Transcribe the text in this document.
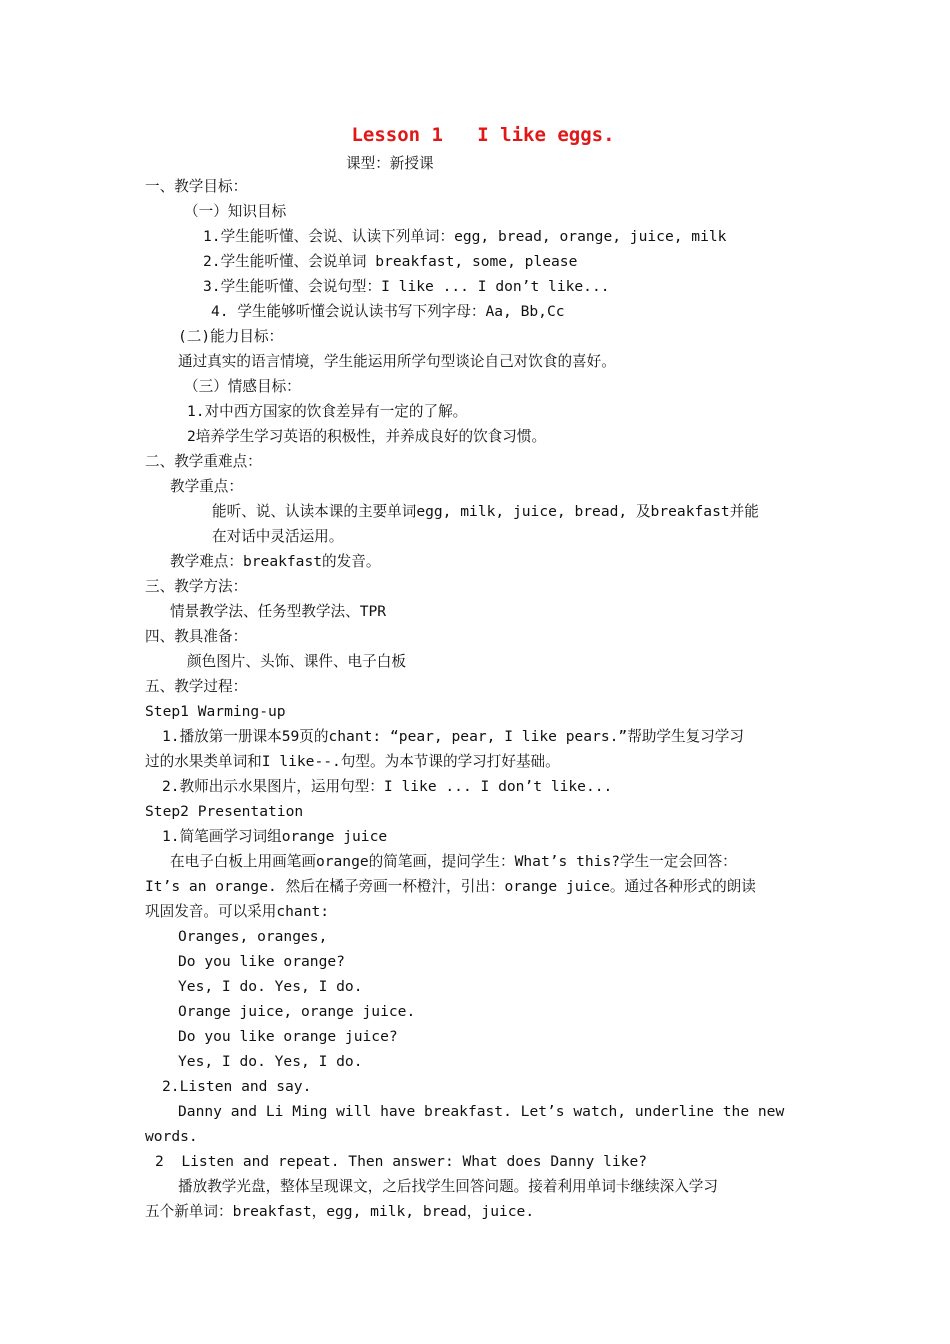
Lesson 1   I like eggs.
课型：新授课
一、教学目标：
（一）知识目标
1.学生能听懂、会说、认读下列单词：egg, bread, orange, juice, milk
2.学生能听懂、会说单词 breakfast, some, please
3.学生能听懂、会说句型：I like ... I don’t like...
4. 学生能够听懂会说认读书写下列字母：Aa, Bb,Cc
(二)能力目标：
通过真实的语言情境，学生能运用所学句型谈论自己对饮食的喜好。
（三）情感目标：
1.对中西方国家的饮食差异有一定的了解。
2培养学生学习英语的积极性，并养成良好的饮食习惯。
二、教学重难点：
教学重点：
能听、说、认读本课的主要单词egg, milk, juice, bread, 及breakfast并能
在对话中灵活运用。
教学难点：breakfast的发音。
三、教学方法：
情景教学法、任务型教学法、TPR
四、教具准备：
颜色图片、头饰、课件、电子白板
五、教学过程：
Step1 Warming-up
1.播放第一册课本59页的chant: “pear, pear, I like pears.”帮助学生复习学习
过的水果类单词和I like--.句型。为本节课的学习打好基础。
2.教师出示水果图片，运用句型：I like ... I don’t like...
Step2 Presentation
1.简笔画学习词组orange juice
在电子白板上用画笔画orange的简笔画，提问学生：What’s this?学生一定会回答：
It’s an orange. 然后在橘子旁画一杯橙汁，引出：orange juice。通过各种形式的朗读
巩固发音。可以采用chant:
Oranges, oranges,
Do you like orange?
Yes, I do. Yes, I do.
Orange juice, orange juice.
Do you like orange juice?
Yes, I do. Yes, I do.
2.Listen and say.
Danny and Li Ming will have breakfast. Let’s watch, underline the new
words.
2  Listen and repeat. Then answer: What does Danny like?
播放教学光盘，整体呈现课文，之后找学生回答问题。接着利用单词卡继续深入学习
五个新单词：breakfast，egg, milk, bread，juice.
